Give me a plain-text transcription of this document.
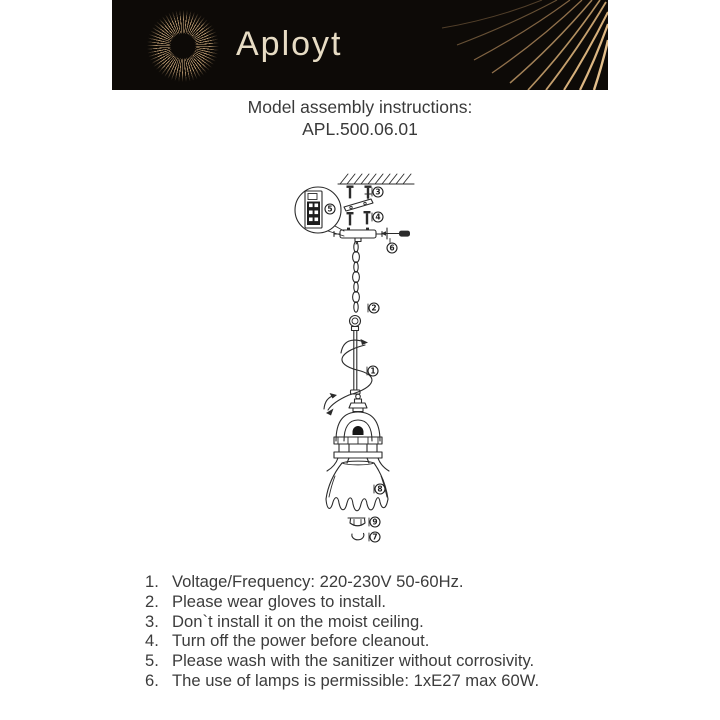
Aployt
Model assembly instructions:
APL.500.06.01
3
4
5
6
2
1
8
9
7
1. Voltage/Frequency: 220-230V 50-60Hz.
2. Please wear gloves to install.
3. Don`t install it on the moist ceiling.
4. Turn off the power before cleanout.
5. Please wash with the sanitizer without corrosivity.
6. The use of lamps is permissible: 1xE27 max 60W.
